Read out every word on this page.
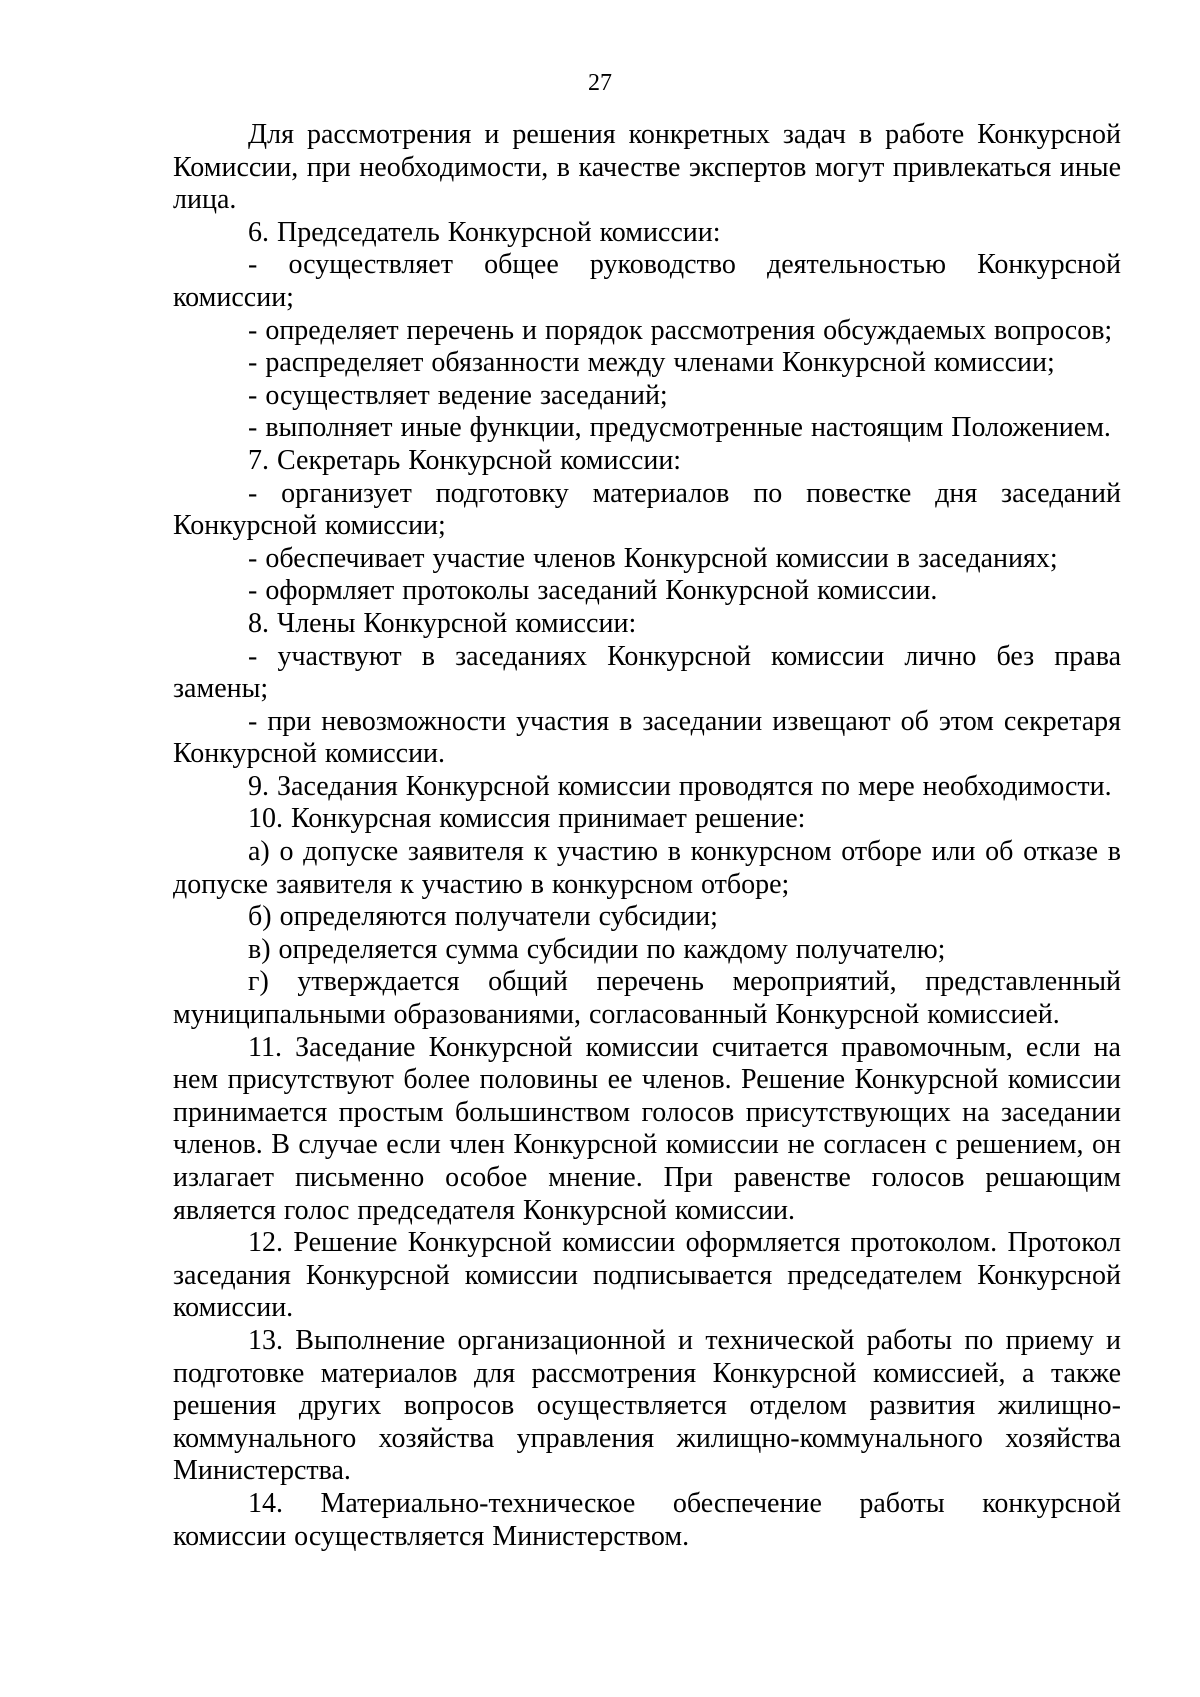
27

Для рассмотрения и решения конкретных задач в работе Конкурсной Комиссии, при необходимости, в качестве экспертов могут привлекаться иные лица.

6. Председатель Конкурсной комиссии:

- осуществляет общее руководство деятельностью Конкурсной комиссии;

- определяет перечень и порядок рассмотрения обсуждаемых вопросов;

- распределяет обязанности между членами Конкурсной комиссии;

- осуществляет ведение заседаний;

- выполняет иные функции, предусмотренные настоящим Положением.

7. Секретарь Конкурсной комиссии:

- организует подготовку материалов по повестке дня заседаний Конкурсной комиссии;

- обеспечивает участие членов Конкурсной комиссии в заседаниях;

- оформляет протоколы заседаний Конкурсной комиссии.

8. Члены Конкурсной комиссии:

- участвуют в заседаниях Конкурсной комиссии лично без права замены;

- при невозможности участия в заседании извещают об этом секретаря Конкурсной комиссии.

9. Заседания Конкурсной комиссии проводятся по мере необходимости.

10. Конкурсная комиссия принимает решение:

а) о допуске заявителя к участию в конкурсном отборе или об отказе в допуске заявителя к участию в конкурсном отборе;

б) определяются получатели субсидии;

в) определяется сумма субсидии по каждому получателю;

г) утверждается общий перечень мероприятий, представленный муниципальными образованиями, согласованный Конкурсной комиссией.

11. Заседание Конкурсной комиссии считается правомочным, если на нем присутствуют более половины ее членов. Решение Конкурсной комиссии принимается простым большинством голосов присутствующих на заседании членов. В случае если член Конкурсной комиссии не согласен с решением, он излагает письменно особое мнение. При равенстве голосов решающим является голос председателя Конкурсной комиссии.

12. Решение Конкурсной комиссии оформляется протоколом. Протокол заседания Конкурсной комиссии подписывается председателем Конкурсной комиссии.

13. Выполнение организационной и технической работы по приему и подготовке материалов для рассмотрения Конкурсной комиссией, а также решения других вопросов осуществляется отделом развития жилищно-коммунального хозяйства управления жилищно-коммунального хозяйства Министерства.

14. Материально-техническое обеспечение работы конкурсной комиссии осуществляется Министерством.
